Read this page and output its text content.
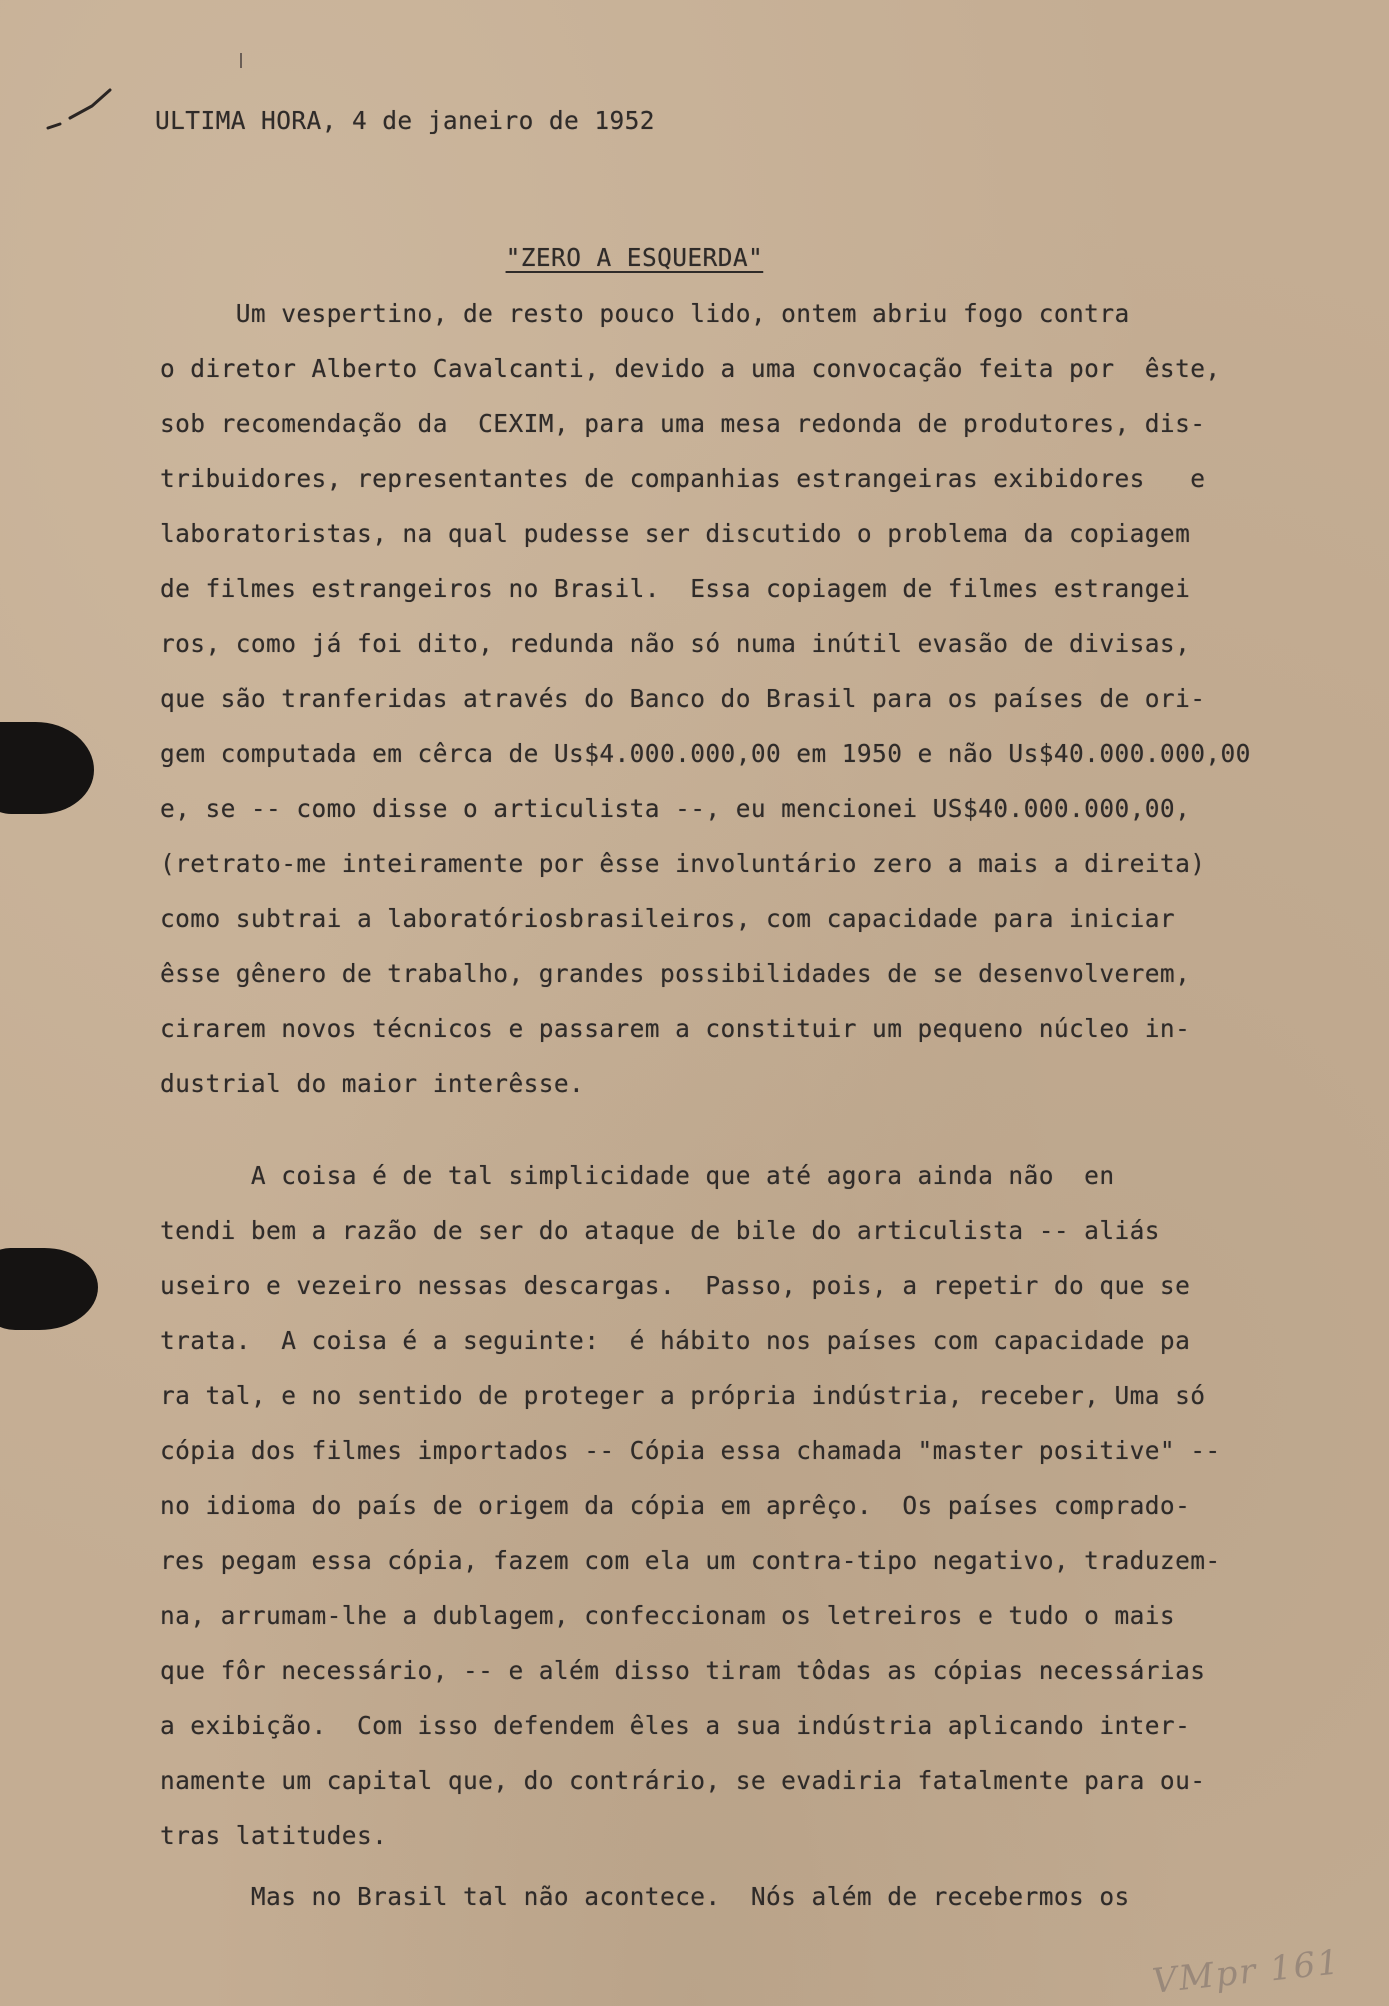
ULTIMA HORA, 4 de janeiro de 1952

"ZERO A ESQUERDA"

Um vespertino, de resto pouco lido, ontem abriu fogo contra
o diretor Alberto Cavalcanti, devido a uma convocação feita por  êste,
sob recomendação da  CEXIM, para uma mesa redonda de produtores, dis-
tribuidores, representantes de companhias estrangeiras exibidores   e
laboratoristas, na qual pudesse ser discutido o problema da copiagem
de filmes estrangeiros no Brasil.  Essa copiagem de filmes estrangei
ros, como já foi dito, redunda não só numa inútil evasão de divisas,
que são tranferidas através do Banco do Brasil para os países de ori-
gem computada em cêrca de Us$4.000.000,00 em 1950 e não Us$40.000.000,00
e, se -- como disse o articulista --, eu mencionei US$40.000.000,00,
(retrato-me inteiramente por êsse involuntário zero a mais a direita)
como subtrai a laboratóriosbrasileiros, com capacidade para iniciar
êsse gênero de trabalho, grandes possibilidades de se desenvolverem,
cirarem novos técnicos e passarem a constituir um pequeno núcleo in-
dustrial do maior interêsse.
A coisa é de tal simplicidade que até agora ainda não  en
tendi bem a razão de ser do ataque de bile do articulista -- aliás
useiro e vezeiro nessas descargas.  Passo, pois, a repetir do que se
trata.  A coisa é a seguinte:  é hábito nos países com capacidade pa
ra tal, e no sentido de proteger a própria indústria, receber, Uma só
cópia dos filmes importados -- Cópia essa chamada "master positive" --
no idioma do país de origem da cópia em aprêço.  Os países comprado-
res pegam essa cópia, fazem com ela um contra-tipo negativo, traduzem-
na, arrumam-lhe a dublagem, confeccionam os letreiros e tudo o mais
que fôr necessário, -- e além disso tiram tôdas as cópias necessárias
a exibição.  Com isso defendem êles a sua indústria aplicando inter-
namente um capital que, do contrário, se evadiria fatalmente para ou-
tras latitudes.
Mas no Brasil tal não acontece.  Nós além de recebermos os
VMpr 161
